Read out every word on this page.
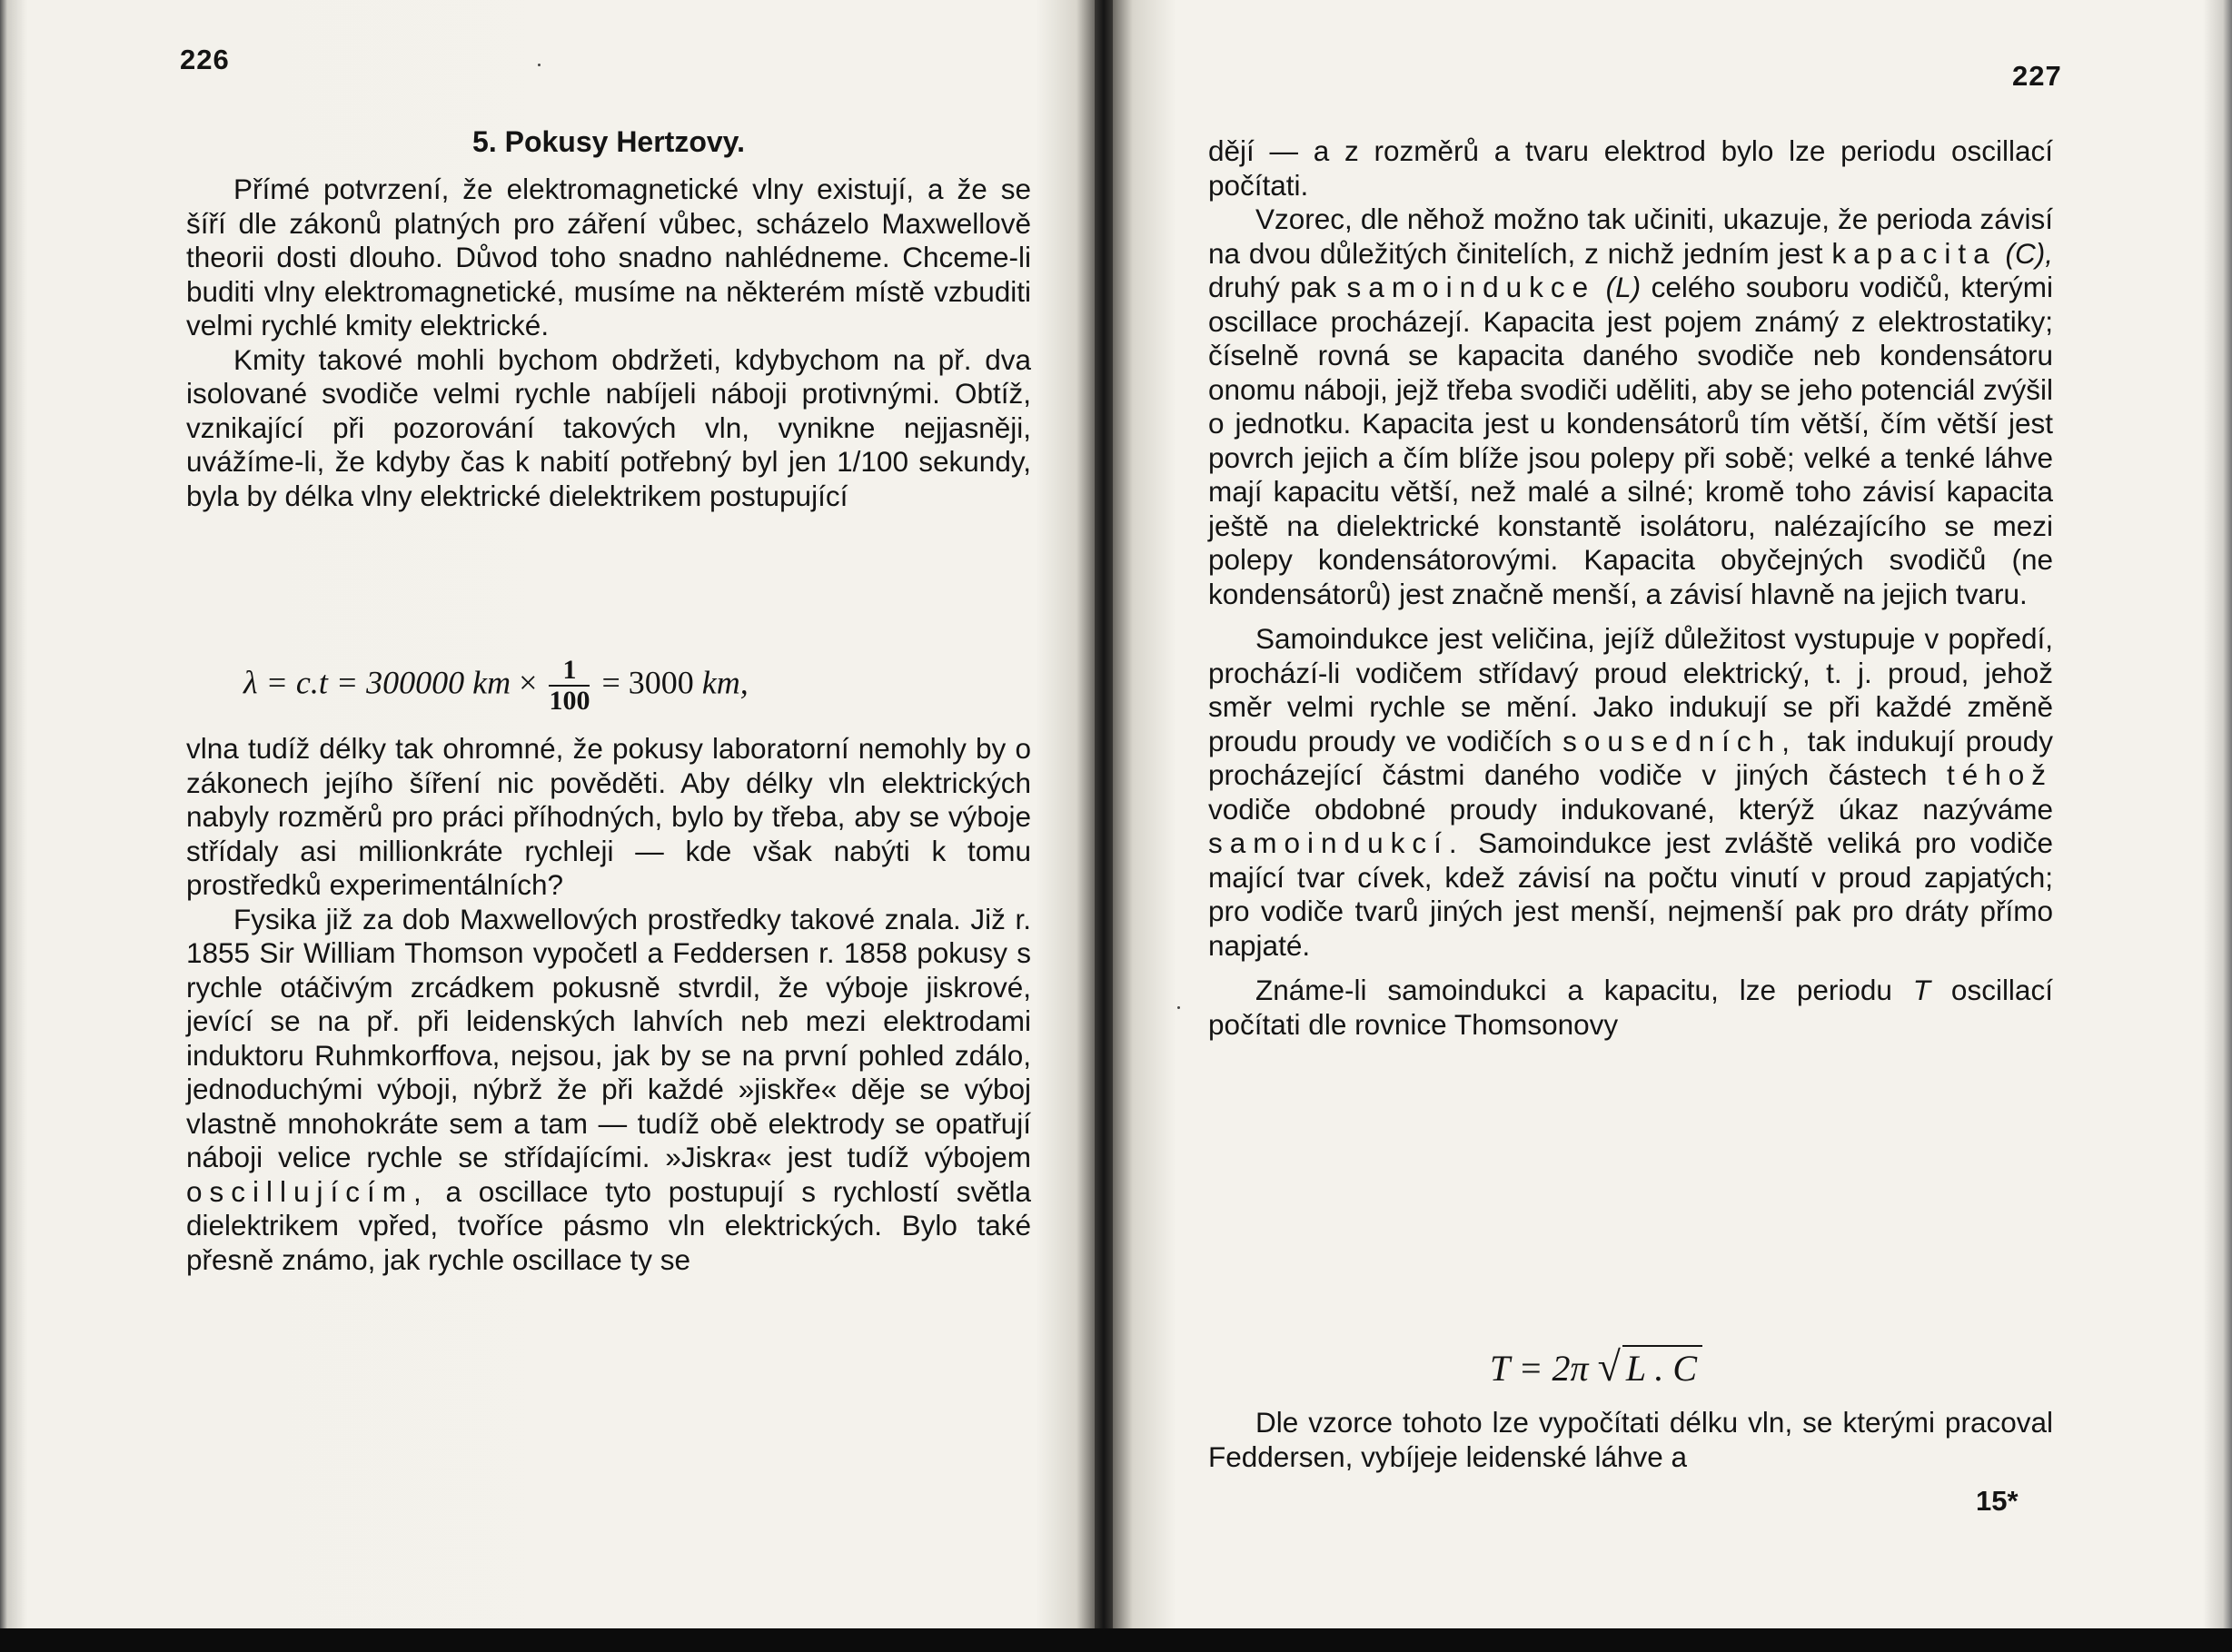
226
5. Pokusy Hertzovy.

Přímé potvrzení, že elektromagnetické vlny existují, a že se šíří dle zákonů platných pro záření vůbec, scházelo Maxwellově theorii dosti dlouho. Důvod toho snadno nahlédneme. Chceme-li buditi vlny elektromagnetické, musíme na některém místě vzbuditi velmi rychlé kmity elektrické.

Kmity takové mohli bychom obdržeti, kdybychom na př. dva isolované svodiče velmi rychle nabíjeli náboji protivnými. Obtíž, vznikající při pozorování takových vln, vynikne nejjasněji, uvážíme-li, že kdyby čas k nabití potřebný byl jen 1/100 sekundy, byla by délka vlny elektrické dielektrikem postupující

λ = c.t = 300000 km × $\frac{1}{100} = 3000$ km,

vlna tudíž délky tak ohromné, že pokusy laboratorní nemohly by o zákonech jejího šíření nic pověděti. Aby délky vln elektrických nabyly rozměrů pro práci příhodných, bylo by třeba, aby se výboje střídaly asi millionkráte rychleji — kde však nabýti k tomu prostředků experimentálních?

Fysika již za dob Maxwellových prostředky takové znala. Již r. 1855 Sir William Thomson vypočetl a Feddersen r. 1858 pokusy s rychle otáčivým zrcádkem pokusně stvrdil, že výboje jiskrové, jevící se na př. při leidenských lahvích neb mezi elektrodami induktoru Ruhmkorffova, nejsou, jak by se na první pohled zdálo, jednoduchými výboji, nýbrž že při každé »jiskře« děje se výboj vlastně mnohokráte sem a tam — tudíž obě elektrody se opatřují náboji velice rychle se střídajícími. »Jiskra« jest tudíž výbojem oscillujícím, a oscillace tyto postupují s rychlostí světla dielektrikem vpřed, tvoříce pásmo vln elektrických. Bylo také přesně známo, jak rychle oscillace ty se

227

dějí — a z rozměrů a tvaru elektrod bylo lze periodu oscillací počítati.

Vzorec, dle něhož možno tak učiniti, ukazuje, že perioda závisí na dvou důležitých činitelích, z nichž jedním jest kapacita (C), druhý pak samoindukce (L) celého souboru vodičů, kterými oscillace procházejí. Kapacita jest pojem známý z elektrostatiky; číselně rovná se kapacita daného svodiče neb kondensátoru onomu náboji, jejž třeba svodiči uděliti, aby se jeho potenciál zvýšil o jednotku. Kapacita jest u kondensátorů tím větší, čím větší jest povrch jejich a čím blíže jsou polepy při sobě; velké a tenké láhve mají kapacitu větší, než malé a silné; kromě toho závisí kapacita ještě na dielektrické konstantě isolátoru, nalézajícího se mezi polepy kondensátorovými. Kapacita obyčejných svodičů (ne kondensátorů) jest značně menší, a závisí hlavně na jejich tvaru.

Samoindukce jest veličina, jejíž důležitost vystupuje v popředí, prochází-li vodičem střídavý proud elektrický, t. j. proud, jehož směr velmi rychle se mění. Jako indukují se při každé změně proudu proudy ve vodičích sousedních, tak indukují proudy procházející částmi daného vodiče v jiných částech téhož vodiče obdobné proudy indukované, kterýž úkaz nazýváme samoindukcí. Samoindukce jest zvláště veliká pro vodiče mající tvar cívek, kdež závisí na počtu vinutí v proud zapjatých; pro vodiče tvarů jiných jest menší, nejmenší pak pro dráty přímo napjaté.

Známe-li samoindukci a kapacitu, lze periodu T oscillací počítati dle rovnice Thomsonovy

T = 2π √ L . C

Dle vzorce tohoto lze vypočítati délku vln, se kterými pracoval Feddersen, vybíjeje leidenské láhve a

15*
